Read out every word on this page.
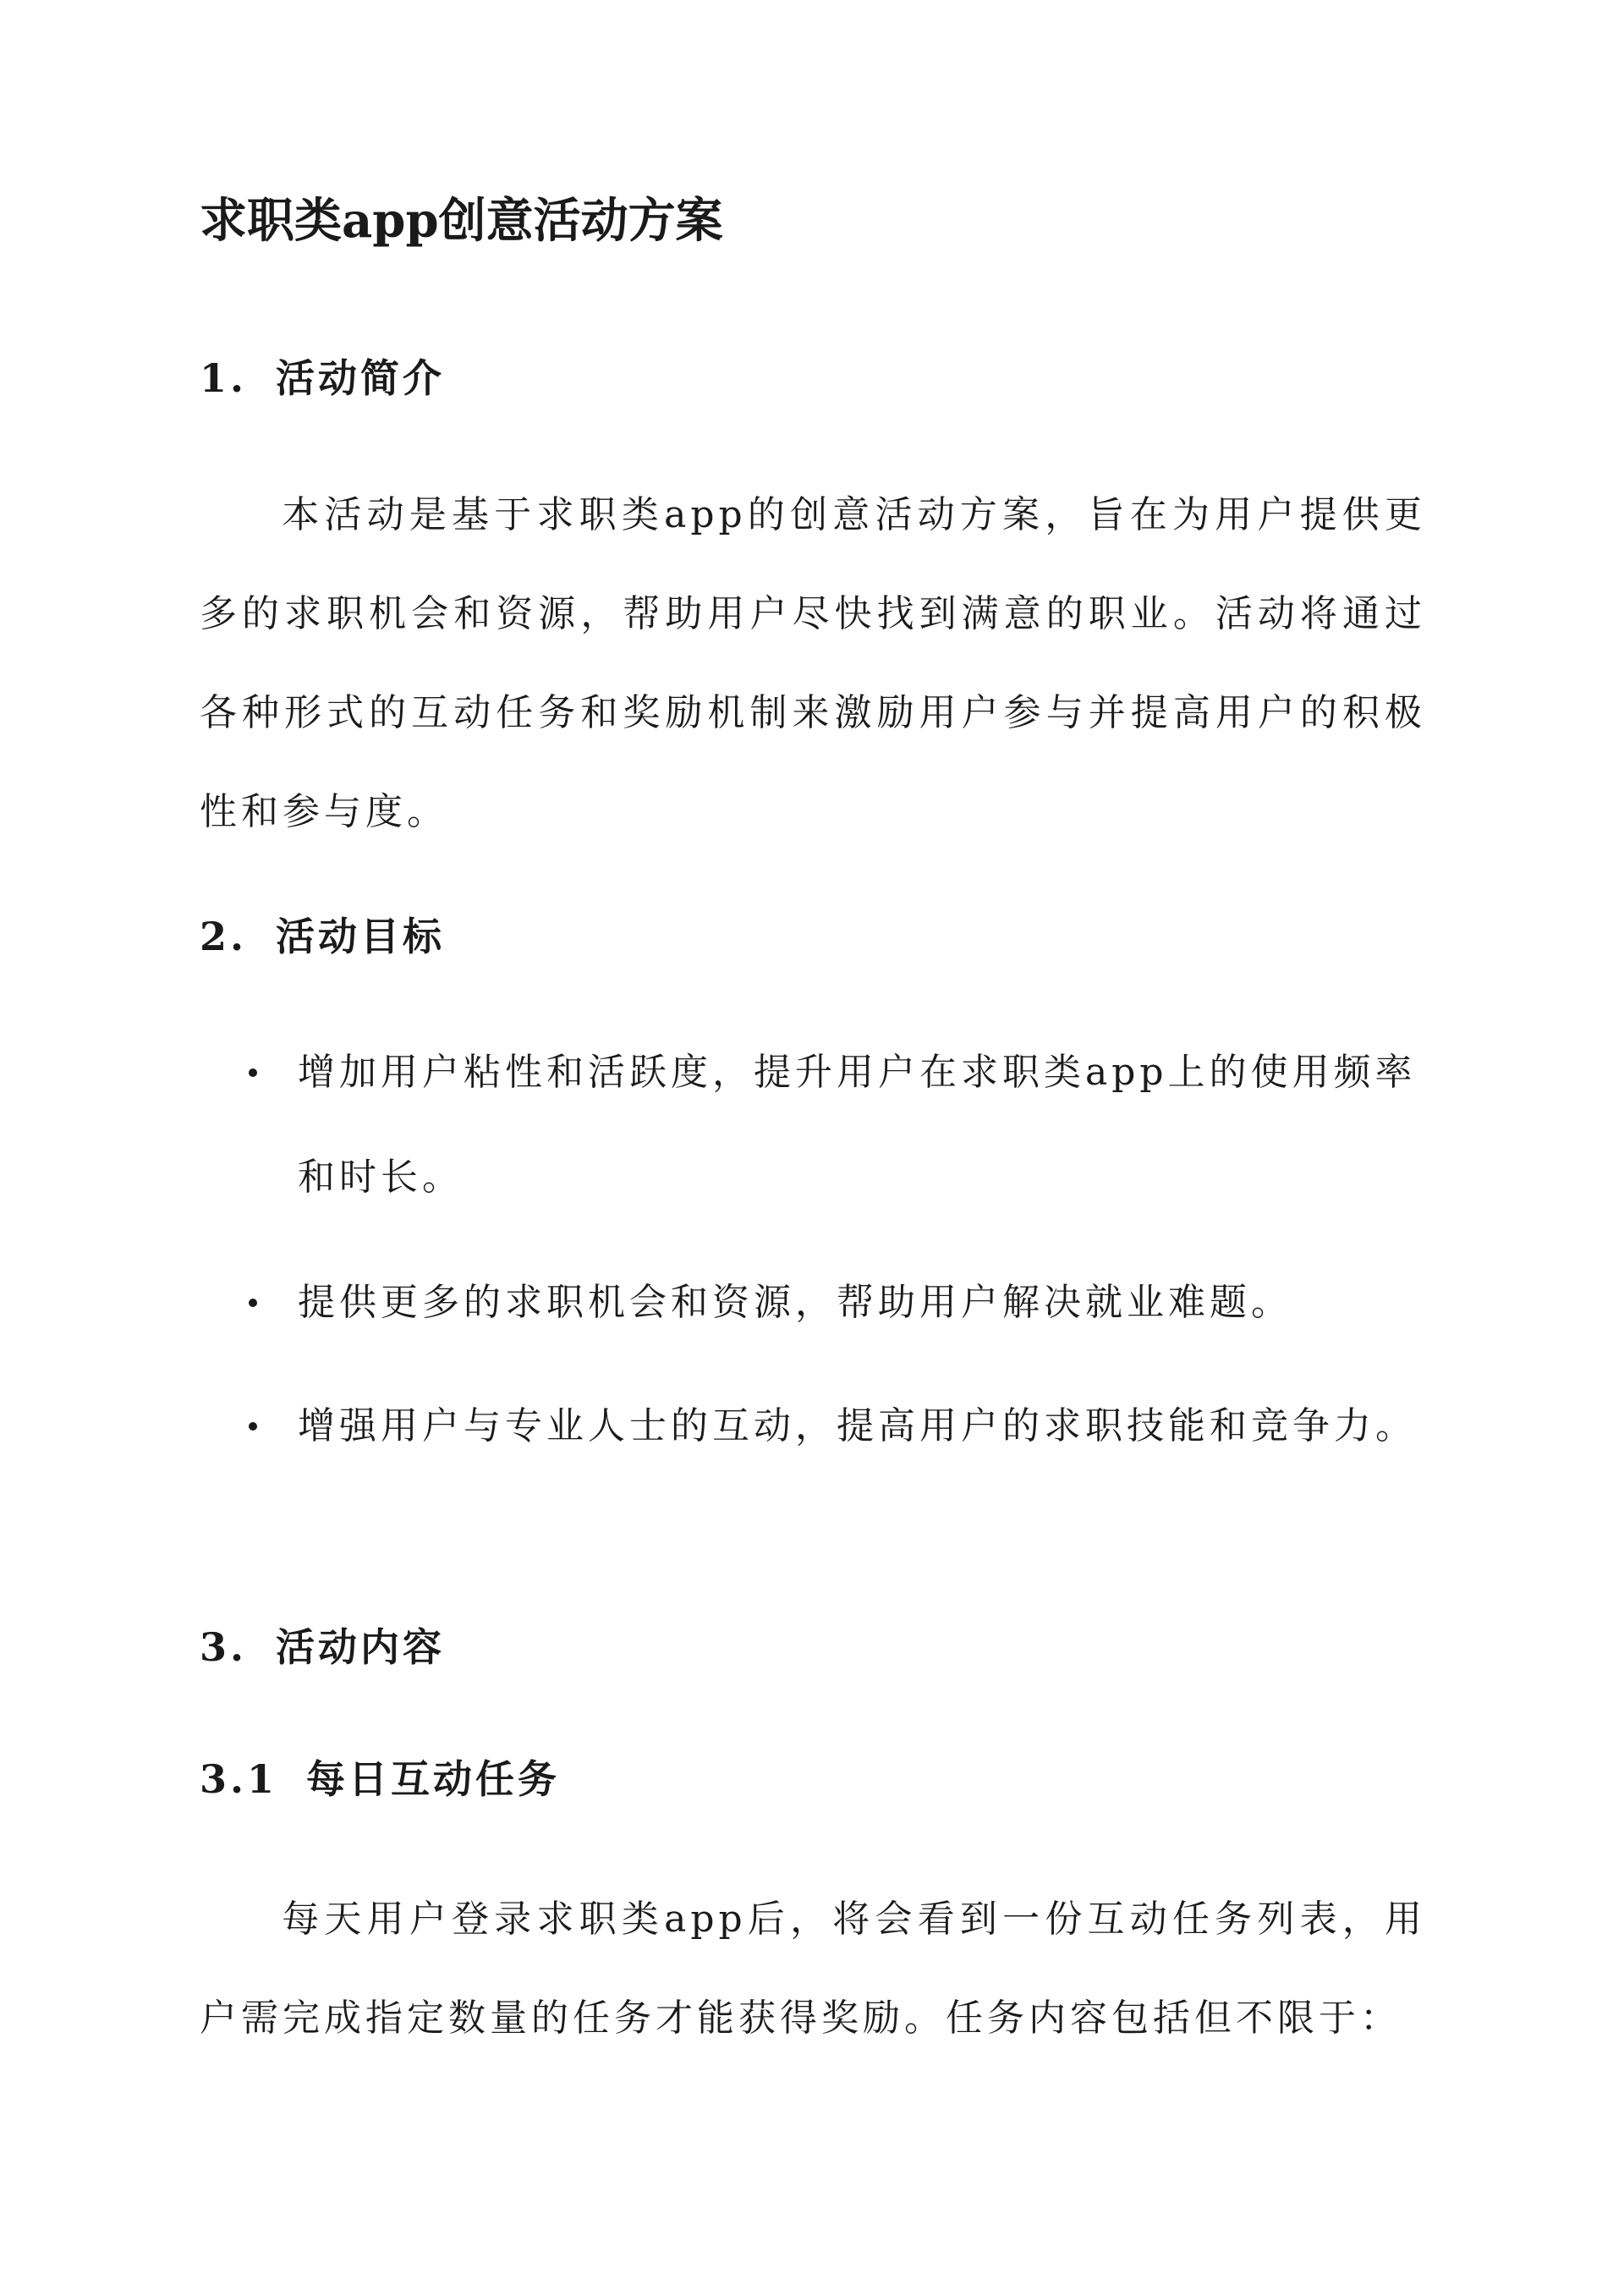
求职类app创意活动方案
1. 活动简介
本活动是基于求职类app的创意活动方案，旨在为用户提供更多的求职机会和资源，帮助用户尽快找到满意的职业。活动将通过各种形式的互动任务和奖励机制来激励用户参与并提高用户的积极性和参与度。
2. 活动目标
增加用户粘性和活跃度，提升用户在求职类app上的使用频率和时长。
提供更多的求职机会和资源，帮助用户解决就业难题。
增强用户与专业人士的互动，提高用户的求职技能和竞争力。
3. 活动内容
3.1 每日互动任务
每天用户登录求职类app后，将会看到一份互动任务列表，用户需完成指定数量的任务才能获得奖励。任务内容包括但不限于：
